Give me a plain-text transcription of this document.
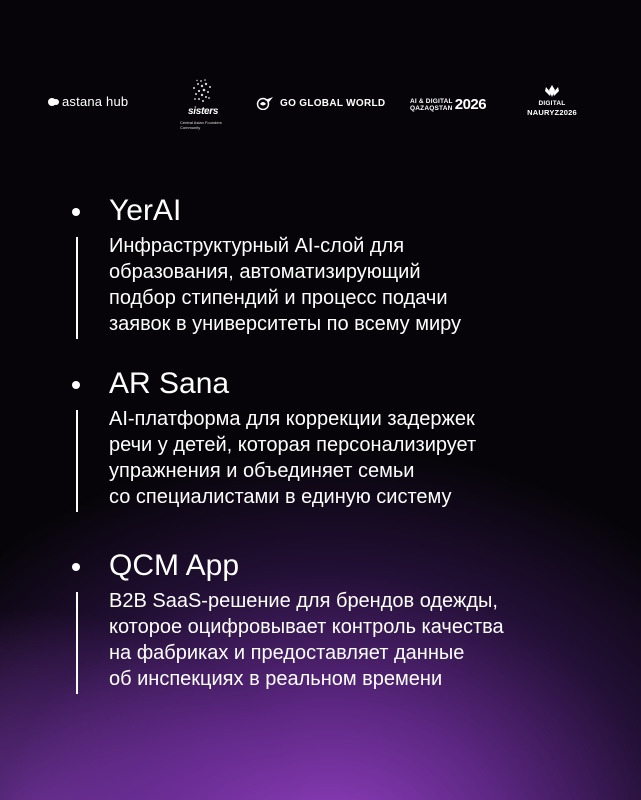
astana hub
sisters
Central Asian Founders Community
GO GLOBAL WORLD	AI & DIGITAL
QAZAQSTAN 2026	DIGITAL
NAURYZ2026
YerAI

Инфраструктурный AI-слой для

образования, автоматизирующий

подбор стипендий и процесс подачи

заявок в университеты по всему миру

AR Sana

AI-платформа для коррекции задержек

речи у детей, которая персонализирует

упражнения и объединяет семьи

со специалистами в единую систему

QCM App

B2B SaaS-решение для брендов одежды,

которое оцифровывает контроль качества

на фабриках и предоставляет данные

об инспекциях в реальном времени
